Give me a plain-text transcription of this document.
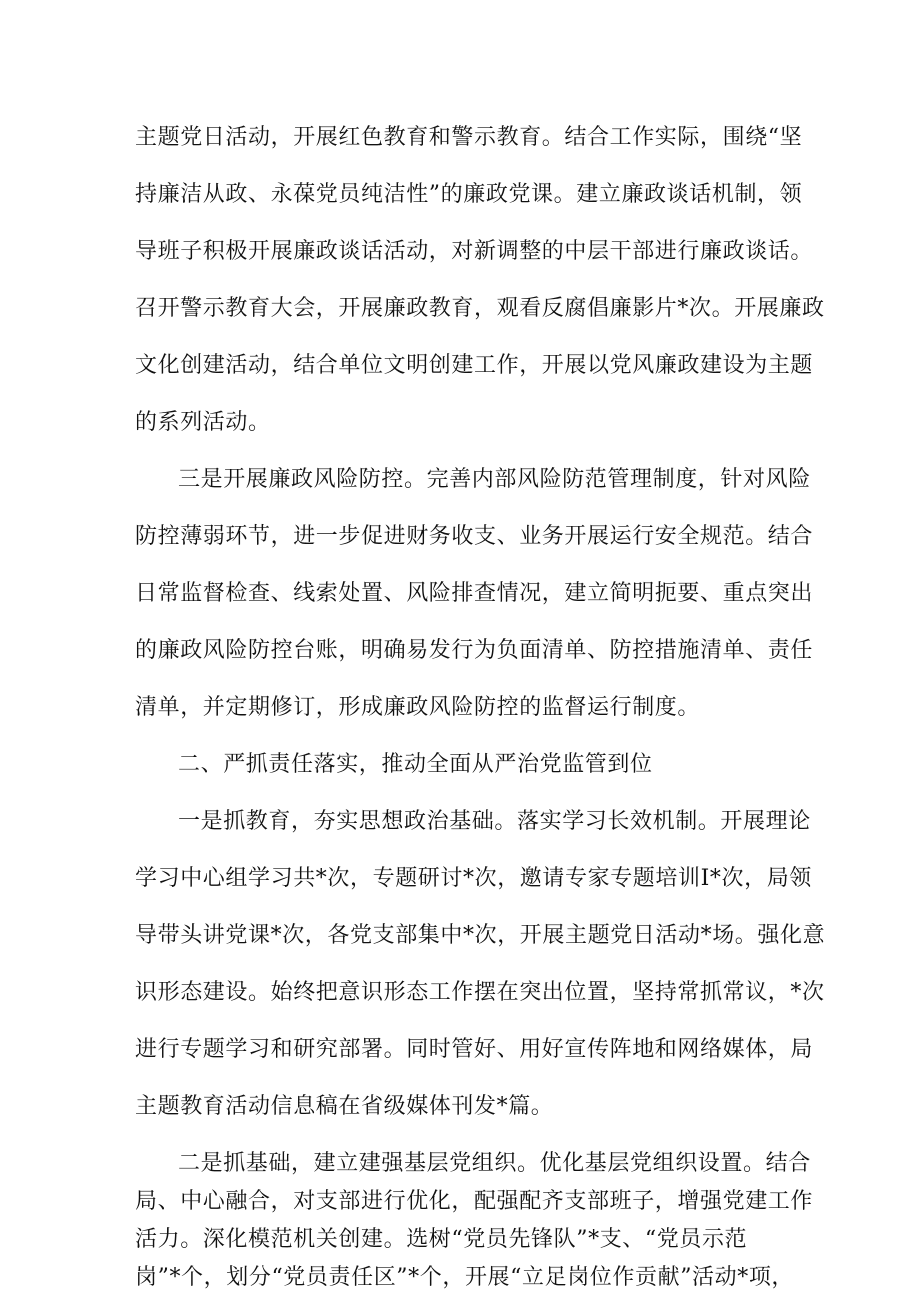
主题党日活动，开展红色教育和警示教育。结合工作实际，围绕“坚
持廉洁从政、永葆党员纯洁性”的廉政党课。建立廉政谈话机制，领
导班子积极开展廉政谈话活动，对新调整的中层干部进行廉政谈话。
召开警示教育大会，开展廉政教育，观看反腐倡廉影片*次。开展廉政
文化创建活动，结合单位文明创建工作，开展以党风廉政建设为主题
的系列活动。
三是开展廉政风险防控。完善内部风险防范管理制度，针对风险
防控薄弱环节，进一步促进财务收支、业务开展运行安全规范。结合
日常监督检查、线索处置、风险排查情况，建立简明扼要、重点突出
的廉政风险防控台账，明确易发行为负面清单、防控措施清单、责任
清单，并定期修订，形成廉政风险防控的监督运行制度。
二、严抓责任落实，推动全面从严治党监管到位
一是抓教育，夯实思想政治基础。落实学习长效机制。开展理论
学习中心组学习共*次，专题研讨*次，邀请专家专题培训I*次，局领
导带头讲党课*次，各党支部集中*次，开展主题党日活动*场。强化意
识形态建设。始终把意识形态工作摆在突出位置，坚持常抓常议，*次
进行专题学习和研究部署。同时管好、用好宣传阵地和网络媒体，局
主题教育活动信息稿在省级媒体刊发*篇。
二是抓基础，建立建强基层党组织。优化基层党组织设置。结合
局、中心融合，对支部进行优化，配强配齐支部班子，增强党建工作
活力。深化模范机关创建。选树“党员先锋队”*支、“党员示范
岗”*个，划分“党员责任区”*个，开展“立足岗位作贡献”活动*项，
